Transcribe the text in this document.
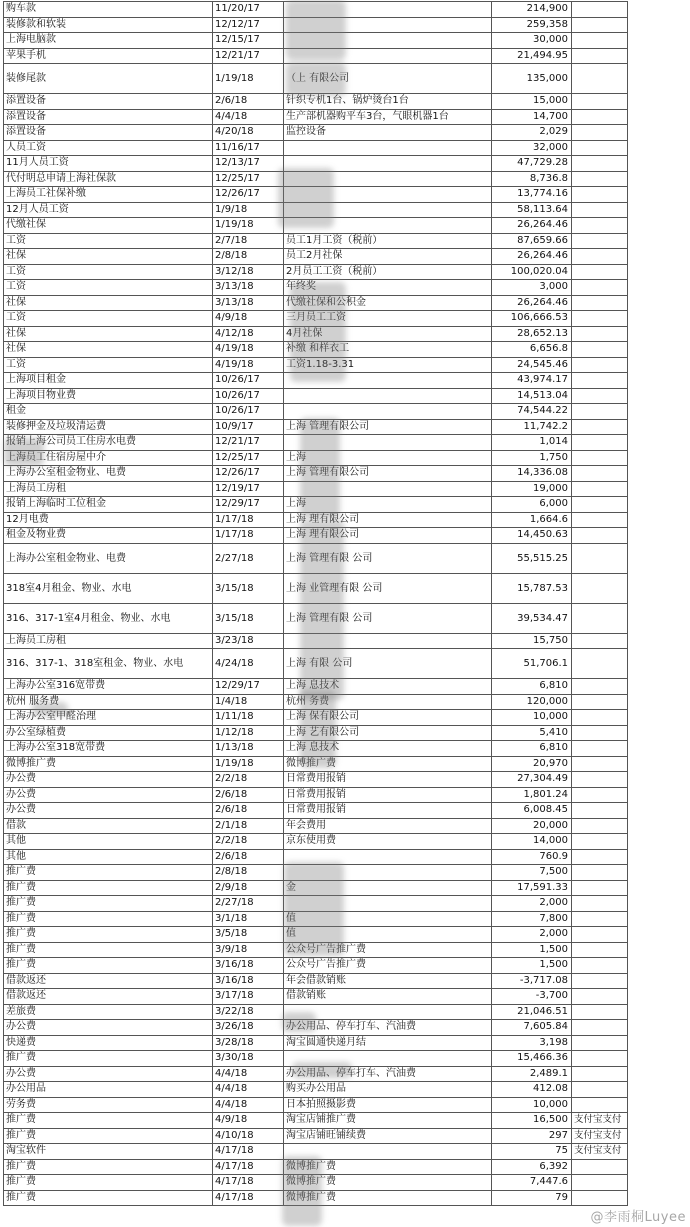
购车款	11/20/17		214,900	
装修款和软装	12/12/17		259,358	
上海电脑款	12/15/17		30,000	
苹果手机	12/21/17		21,494.95	
装修尾款	1/19/18	（上 有限公司	135,000	
添置设备	2/6/18	针织专机1台、锅炉烫台1台	15,000	
添置设备	4/4/18	生产部机器购平车3台，气眼机器1台	14,700	
添置设备	4/20/18	监控设备	2,029	
人员工资	11/16/17		32,000	
11月人员工资	12/13/17		47,729.28	
代付明总申请上海社保款	12/25/17		8,736.8	
上海员工社保补缴	12/26/17		13,774.16	
12月人员工资	1/9/18		58,113.64	
代缴社保	1/19/18		26,264.46	
工资	2/7/18	员工1月工资（税前）	87,659.66	
社保	2/8/18	员工2月社保	26,264.46	
工资	3/12/18	2月员工工资（税前）	100,020.04	
工资	3/13/18	年终奖	3,000	
社保	3/13/18	代缴社保和公积金	26,264.46	
工资	4/9/18	三月员工工资	106,666.53	
社保	4/12/18	4月社保	28,652.13	
社保	4/19/18	补缴 和样衣工	6,656.8	
工资	4/19/18	工资1.18-3.31	24,545.46	
上海项目租金	10/26/17		43,974.17	
上海项目物业费	10/26/17		14,513.04	
租金	10/26/17		74,544.22	
装修押金及垃圾清运费	10/9/17	上海 管理有限公司	11,742.2	
报销上海公司员工住房水电费	12/21/17		1,014	
上海员工住宿房屋中介	12/25/17	上海	1,750	
上海办公室租金物业、电费	12/26/17	上海 管理有限公司	14,336.08	
上海员工房租	12/19/17		19,000	
报销上海临时工位租金	12/29/17	上海	6,000	
12月电费	1/17/18	上海 理有限公司	1,664.6	
租金及物业费	1/17/18	上海 理有限公司	14,450.63	
上海办公室租金物业、电费	2/27/18	上海 管理有限 公司	55,515.25	
318室4月租金、物业、水电	3/15/18	上海 业管理有限 公司	15,787.53	
316、317-1室4月租金、物业、水电	3/15/18	上海 管理有限 公司	39,534.47	
上海员工房租	3/23/18		15,750	
316、317-1、318室租金、物业、水电	4/24/18	上海 有限 公司	51,706.1	
上海办公室316宽带费	12/29/17	上海 息技术	6,810	
杭州 服务费	1/4/18	杭州 务费	120,000	
上海办公室甲醛治理	1/11/18	上海 保有限公司	10,000	
办公室绿植费	1/12/18	上海 艺有限公司	5,410	
上海办公室318宽带费	1/13/18	上海 息技术	6,810	
微博推广费	1/19/18	微博推广费	20,970	
办公费	2/2/18	日常费用报销	27,304.49	
办公费	2/6/18	日常费用报销	1,801.24	
办公费	2/6/18	日常费用报销	6,008.45	
借款	2/1/18	年会费用	20,000	
其他	2/2/18	京东使用费	14,000	
其他	2/6/18		760.9	
推广费	2/8/18		7,500	
推广费	2/9/18	金	17,591.33	
推广费	2/27/18		2,000	
推广费	3/1/18	值	7,800	
推广费	3/5/18	值	2,000	
推广费	3/9/18	公众号广告推广费	1,500	
推广费	3/16/18	公众号广告推广费	1,500	
借款返还	3/16/18	年会借款销账	-3,717.08	
借款返还	3/17/18	借款销账	-3,700	
差旅费	3/22/18		21,046.51	
办公费	3/26/18	办公用品、停车打车、汽油费	7,605.84	
快递费	3/28/18	淘宝圆通快递月结	3,198	
推广费	3/30/18		15,466.36	
办公费	4/4/18	办公用品、停车打车、汽油费	2,489.1	
办公用品	4/4/18	购买办公用品	412.08	
劳务费	4/4/18	日本拍照摄影费	10,000	
推广费	4/9/18	淘宝店铺推广费	16,500	支付宝支付
推广费	4/10/18	淘宝店铺旺铺续费	297	支付宝支付
淘宝软件	4/17/18		75	支付宝支付
推广费	4/17/18	微博推广费	6,392	
推广费	4/17/18	微博推广费	7,447.6	
推广费	4/17/18	微博推广费	79	
@李雨桐Luyee
